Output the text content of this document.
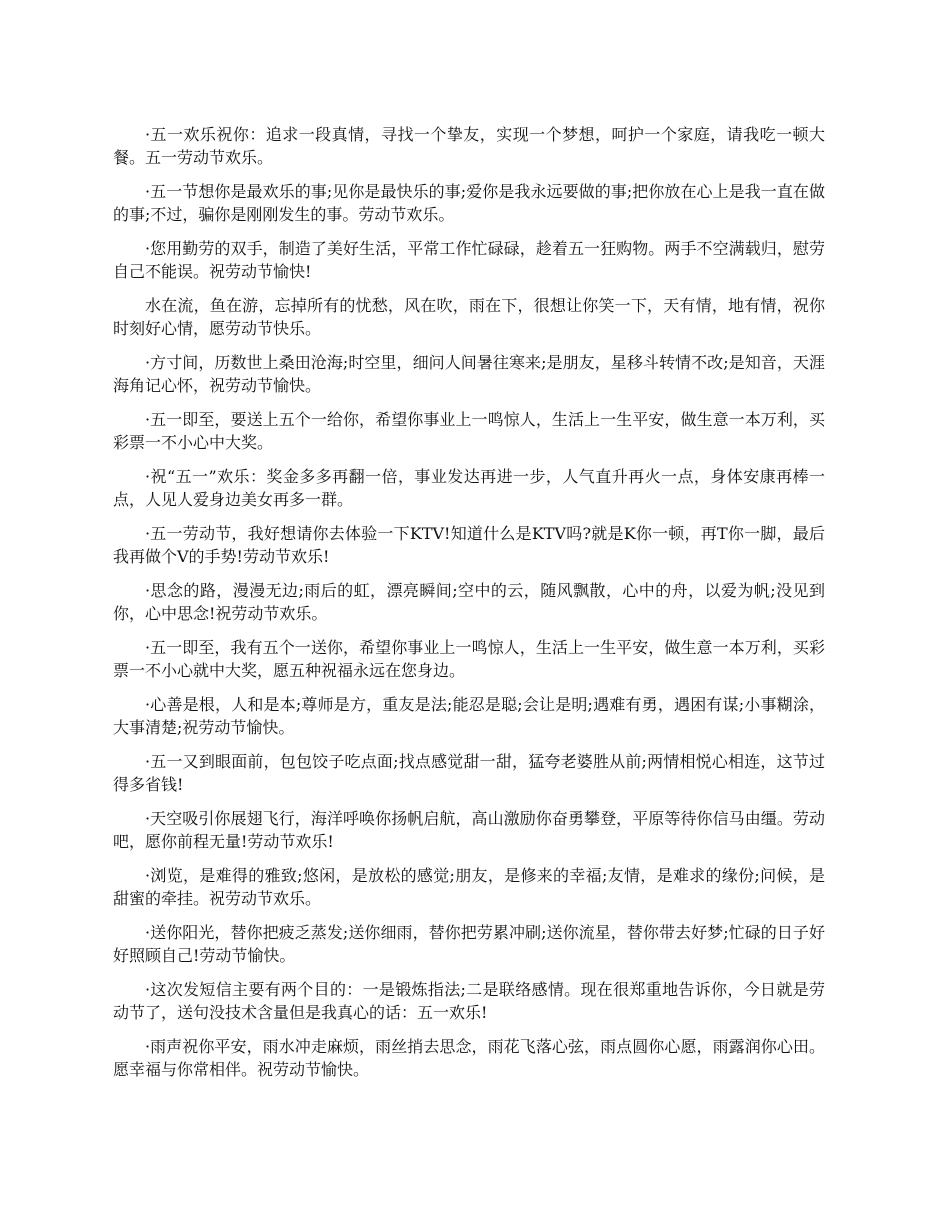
·五一欢乐祝你：追求一段真情，寻找一个挚友，实现一个梦想，呵护一个家庭，请我吃一顿大餐。五一劳动节欢乐。

·五一节想你是最欢乐的事;见你是最快乐的事;爱你是我永远要做的事;把你放在心上是我一直在做的事;不过，骗你是刚刚发生的事。劳动节欢乐。

·您用勤劳的双手，制造了美好生活，平常工作忙碌碌，趁着五一狂购物。两手不空满载归，慰劳自己不能误。祝劳动节愉快!

水在流，鱼在游，忘掉所有的忧愁，风在吹，雨在下，很想让你笑一下，天有情，地有情，祝你时刻好心情，愿劳动节快乐。

·方寸间，历数世上桑田沧海;时空里，细问人间暑往寒来;是朋友，星移斗转情不改;是知音，天涯海角记心怀，祝劳动节愉快。

·五一即至，要送上五个一给你，希望你事业上一鸣惊人，生活上一生平安，做生意一本万利，买彩票一不小心中大奖。

·祝“五一”欢乐：奖金多多再翻一倍，事业发达再进一步，人气直升再火一点，身体安康再棒一点，人见人爱身边美女再多一群。

·五一劳动节，我好想请你去体验一下KTV!知道什么是KTV吗?就是K你一顿，再T你一脚，最后我再做个V的手势!劳动节欢乐!

·思念的路，漫漫无边;雨后的虹，漂亮瞬间;空中的云，随风飘散，心中的舟，以爱为帆;没见到你，心中思念!祝劳动节欢乐。

·五一即至，我有五个一送你，希望你事业上一鸣惊人，生活上一生平安，做生意一本万利，买彩票一不小心就中大奖，愿五种祝福永远在您身边。

·心善是根，人和是本;尊师是方，重友是法;能忍是聪;会让是明;遇难有勇，遇困有谋;小事糊涂，大事清楚;祝劳动节愉快。

·五一又到眼面前，包包饺子吃点面;找点感觉甜一甜，猛夸老婆胜从前;两情相悦心相连，这节过得多省钱!

·天空吸引你展翅飞行，海洋呼唤你扬帆启航，高山激励你奋勇攀登，平原等待你信马由缰。劳动吧，愿你前程无量!劳动节欢乐!

·浏览，是难得的雅致;悠闲，是放松的感觉;朋友，是修来的幸福;友情，是难求的缘份;问候，是甜蜜的牵挂。祝劳动节欢乐。

·送你阳光，替你把疲乏蒸发;送你细雨，替你把劳累冲刷;送你流星，替你带去好梦;忙碌的日子好好照顾自己!劳动节愉快。

·这次发短信主要有两个目的：一是锻炼指法;二是联络感情。现在很郑重地告诉你，今日就是劳动节了，送句没技术含量但是我真心的话：五一欢乐!

·雨声祝你平安，雨水冲走麻烦，雨丝捎去思念，雨花飞落心弦，雨点圆你心愿，雨露润你心田。愿幸福与你常相伴。祝劳动节愉快。
